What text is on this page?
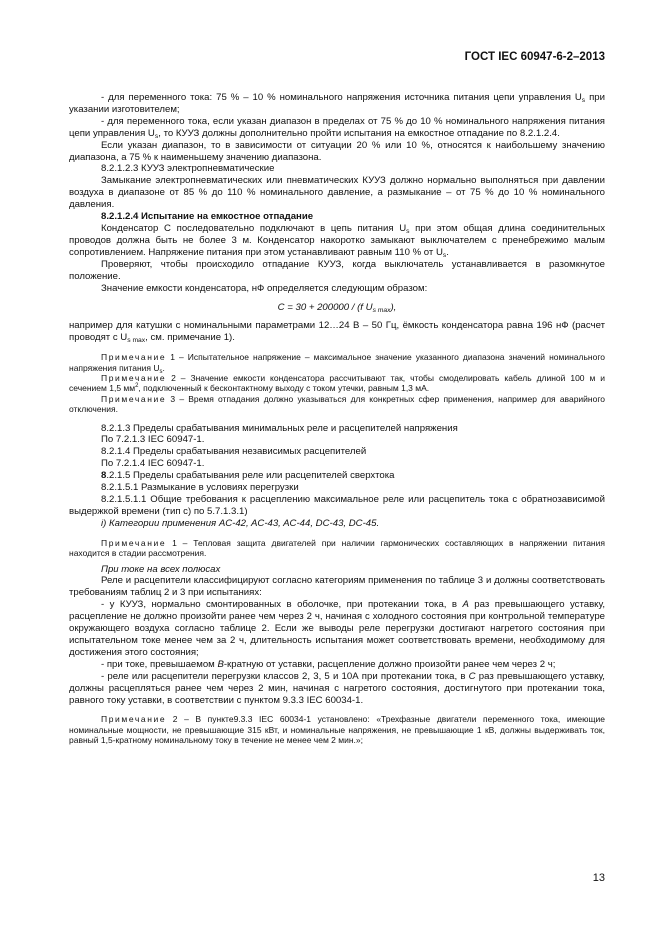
ГОСТ IEC 60947-6-2–2013
- для переменного тока: 75 % – 10 % номинального напряжения источника питания цепи управления $U_s$ при указании изготовителем;
- для переменного тока, если указан диапазон в пределах от 75 % до 10 % номинального напряжения питания цепи управления $U_s$, то КУУЗ должны дополнительно пройти испытания на емкостное отпадание по 8.2.1.2.4.
Если указан диапазон, то в зависимости от ситуации 20 % или 10 %, относятся к наибольшему значению диапазона, а 75 % к наименьшему значению диапазона.
8.2.1.2.3 КУУЗ электропневматические
Замыкание электропневматических или пневматических КУУЗ должно нормально выполняться при давлении воздуха в диапазоне от 85 % до 110 % номинального давление, а размыкание – от 75 % до 10 % номинального давления.
8.2.1.2.4 Испытание на емкостное отпадание
Конденсатор С последовательно подключают в цепь питания $U_s$ при этом общая длина соединительных проводов должна быть не более 3 м. Конденсатор накоротко замыкают выключателем с пренебрежимо малым сопротивлением. Напряжение питания при этом устанавливают равным 110 % от $U_s$.
Проверяют, чтобы происходило отпадание КУУЗ, когда выключатель устанавливается в разомкнутое положение.
Значение емкости конденсатора, нФ определяется следующим образом:
C = 30 + 200000 / (f $U_{s max}$),
например для катушки с номинальными параметрами 12…24 В – 50 Гц, ёмкость конденсатора равна 196 нФ (расчет проводят с $U_{s max}$, см. примечание 1).
Примечание 1 – Испытательное напряжение – максимальное значение указанного диапазона значений номинального напряжения питания $U_s$.
Примечание 2 – Значение емкости конденсатора рассчитывают так, чтобы смоделировать кабель длиной 100 м и сечением 1,5 $мм^2$, подключенный к бесконтактному выходу с током утечки, равным 1,3 мА.
Примечание 3 – Время отпадания должно указываться для конкретных сфер применения, например для аварийного отключения.
8.2.1.3 Пределы срабатывания минимальных реле и расцепителей напряжения
По 7.2.1.3 IEC 60947-1.
8.2.1.4 Пределы срабатывания независимых расцепителей
По 7.2.1.4 IEC 60947-1.
8.2.1.5 Пределы срабатывания реле или расцепителей сверхтока
8.2.1.5.1 Размыкание в условиях перегрузки
8.2.1.5.1.1 Общие требования к расцеплению максимальное реле или расцепитель тока с обратнозависимой выдержкой времени (тип с) по 5.7.1.3.1)
i) Категории применения AC-42, AC-43, AC-44, DC-43, DC-45.
Примечание 1 – Тепловая защита двигателей при наличии гармонических составляющих в напряжении питания находится в стадии рассмотрения.
При токе на всех полюсах
Реле и расцепители классифицируют согласно категориям применения по таблице 3 и должны соответствовать требованиям таблиц 2 и 3 при испытаниях:
- у КУУЗ, нормально смонтированных в оболочке, при протекании тока, в A раз превышающего уставку, расцепление не должно произойти ранее чем через 2 ч, начиная с холодного состояния при контрольной температуре окружающего воздуха согласно таблице 2. Если же выводы реле перегрузки достигают нагретого состояния при испытательном токе менее чем за 2 ч, длительность испытания может соответствовать времени, необходимому для достижения этого состояния;
- при токе, превышаемом B-кратную от уставки, расцепление должно произойти ранее чем через 2 ч;
- реле или расцепители перегрузки классов 2, 3, 5 и 10А при протекании тока, в C раз превышающего уставку, должны расцепляться ранее чем через 2 мин, начиная с нагретого состояния, достигнутого при протекании тока, равного току уставки, в соответствии с пунктом 9.3.3 IEC 60034-1.
Примечание 2 – В пункте9.3.3 IEC 60034-1 установлено: «Трехфазные двигатели переменного тока, имеющие номинальные мощности, не превышающие 315 кВт, и номинальные напряжения, не превышающие 1 кВ, должны выдерживать ток, равный 1,5-кратному номинальному току в течение не менее чем 2 мин.»;
13
